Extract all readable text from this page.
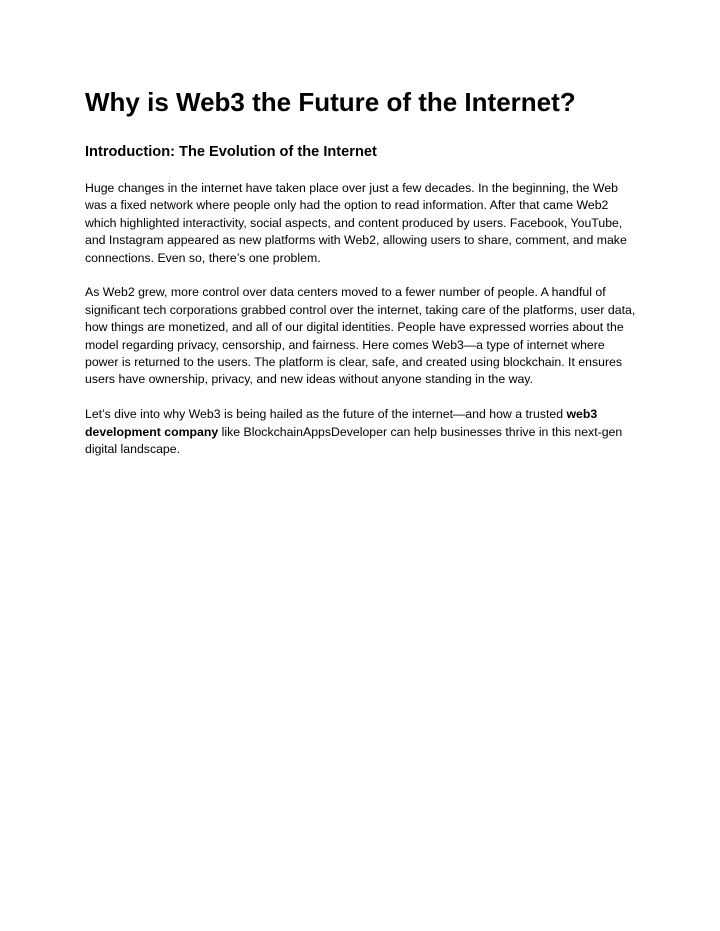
Why is Web3 the Future of the Internet?
Introduction: The Evolution of the Internet

Huge changes in the internet have taken place over just a few decades. In the beginning, the Web was a fixed network where people only had the option to read information. After that came Web2 which highlighted interactivity, social aspects, and content produced by users. Facebook, YouTube, and Instagram appeared as new platforms with Web2, allowing users to share, comment, and make connections. Even so, there’s one problem.

As Web2 grew, more control over data centers moved to a fewer number of people. A handful of significant tech corporations grabbed control over the internet, taking care of the platforms, user data, how things are monetized, and all of our digital identities. People have expressed worries about the model regarding privacy, censorship, and fairness. Here comes Web3—a type of internet where power is returned to the users. The platform is clear, safe, and created using blockchain. It ensures users have ownership, privacy, and new ideas without anyone standing in the way.

Let’s dive into why Web3 is being hailed as the future of the internet—and how a trusted web3 development company like BlockchainAppsDeveloper can help businesses thrive in this next-gen digital landscape.
